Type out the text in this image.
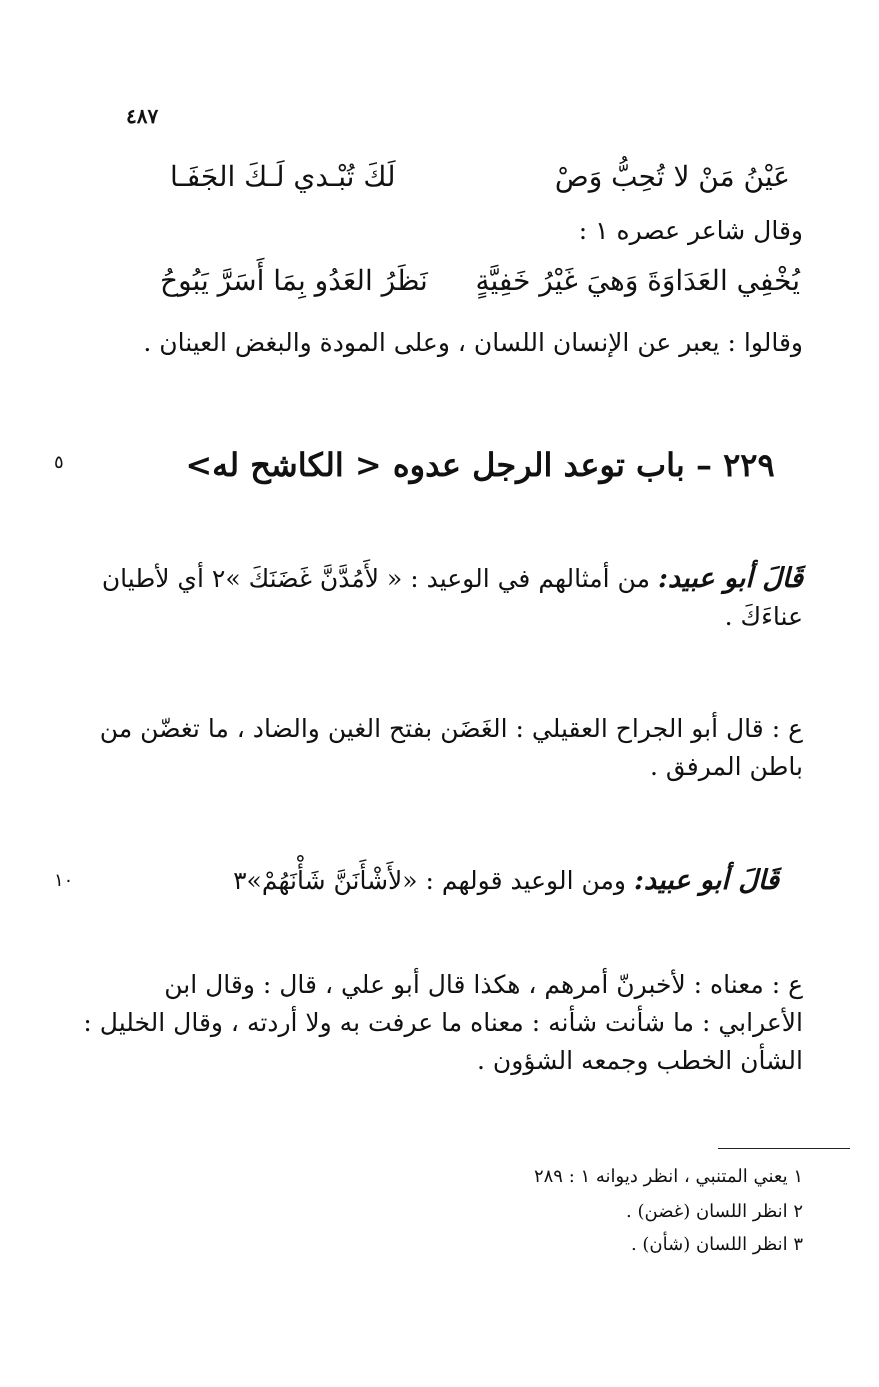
٤٨٧
عَيْنُ مَنْ لا تُحِبُّ وَصْ
لَكَ تُبْـدي لَـكَ الجَفَـا
وقال شاعر عصره ١ :
يُخْفِي العَدَاوَةَ وَهيَ غَيْرُ خَفِيَّةٍ
نَظَرُ العَدُو بِمَا أَسَرَّ يَبُوحُ
وقالوا : يعبر عن الإنسان اللسان ، وعلى المودة والبغض العينان .
٥	٢٢٩ – باب توعد الرجل عدوه < الكاشح له>
قَالَ أبو عبيد: من أمثالهم في الوعيد : « لأَمُدَّنَّ غَضَنَكَ »٢ أي لأطيان عناءَكَ .
ع : قال أبو الجراح العقيلي : الغَضَن بفتح الغين والضاد ، ما تغضّن من باطن المرفق .
١٠	قَالَ أبو عبيد: ومن الوعيد قولهم : «لأَشْأَنَنَّ شَأْنَهُمْ»٣
ع : معناه : لأخبرنّ أمرهم ، هكذا قال أبو علي ، قال : وقال ابن الأعرابي : ما شأنت شأنه : معناه ما عرفت به ولا أردته ، وقال الخليل : الشأن الخطب وجمعه الشؤون .
١ يعني المتنبي ، انظر ديوانه ١ : ٢٨٩
٢ انظر اللسان (غضن) .
٣ انظر اللسان (شأن) .
